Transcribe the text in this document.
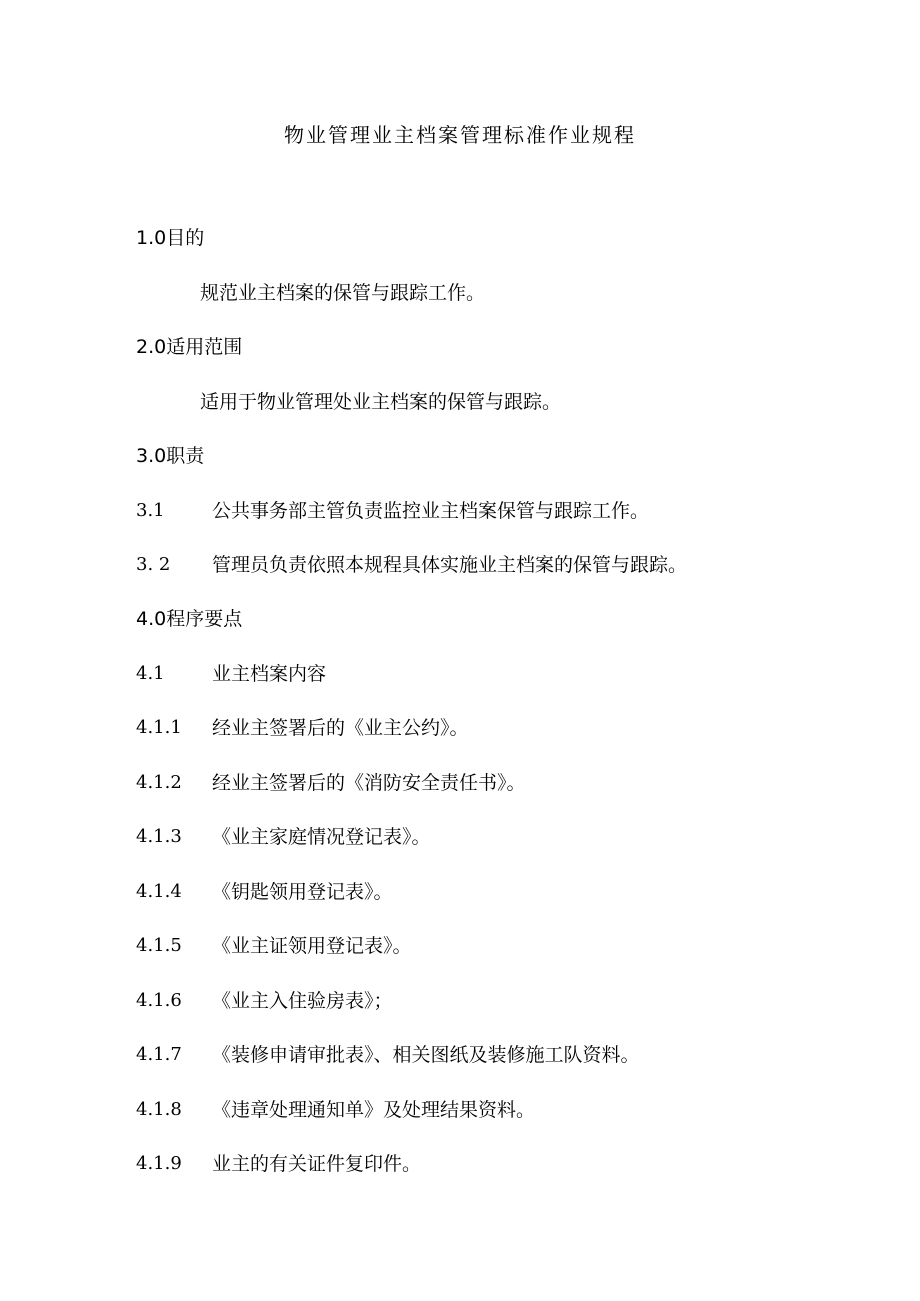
物业管理业主档案管理标准作业规程
1.0目的
规范业主档案的保管与跟踪工作。
2.0适用范围
适用于物业管理处业主档案的保管与跟踪。
3.0职责
3.1 公共事务部主管负责监控业主档案保管与跟踪工作。
3. 2 管理员负责依照本规程具体实施业主档案的保管与跟踪。
4.0程序要点
4.1 业主档案内容
4.1.1 经业主签署后的《业主公约》。
4.1.2 经业主签署后的《消防安全责任书》。
4.1.3 《业主家庭情况登记表》。
4.1.4 《钥匙领用登记表》。
4.1.5 《业主证领用登记表》。
4.1.6 《业主入住验房表》；
4.1.7 《装修申请审批表》、相关图纸及装修施工队资料。
4.1.8 《违章处理通知单》及处理结果资料。
4.1.9 业主的有关证件复印件。
